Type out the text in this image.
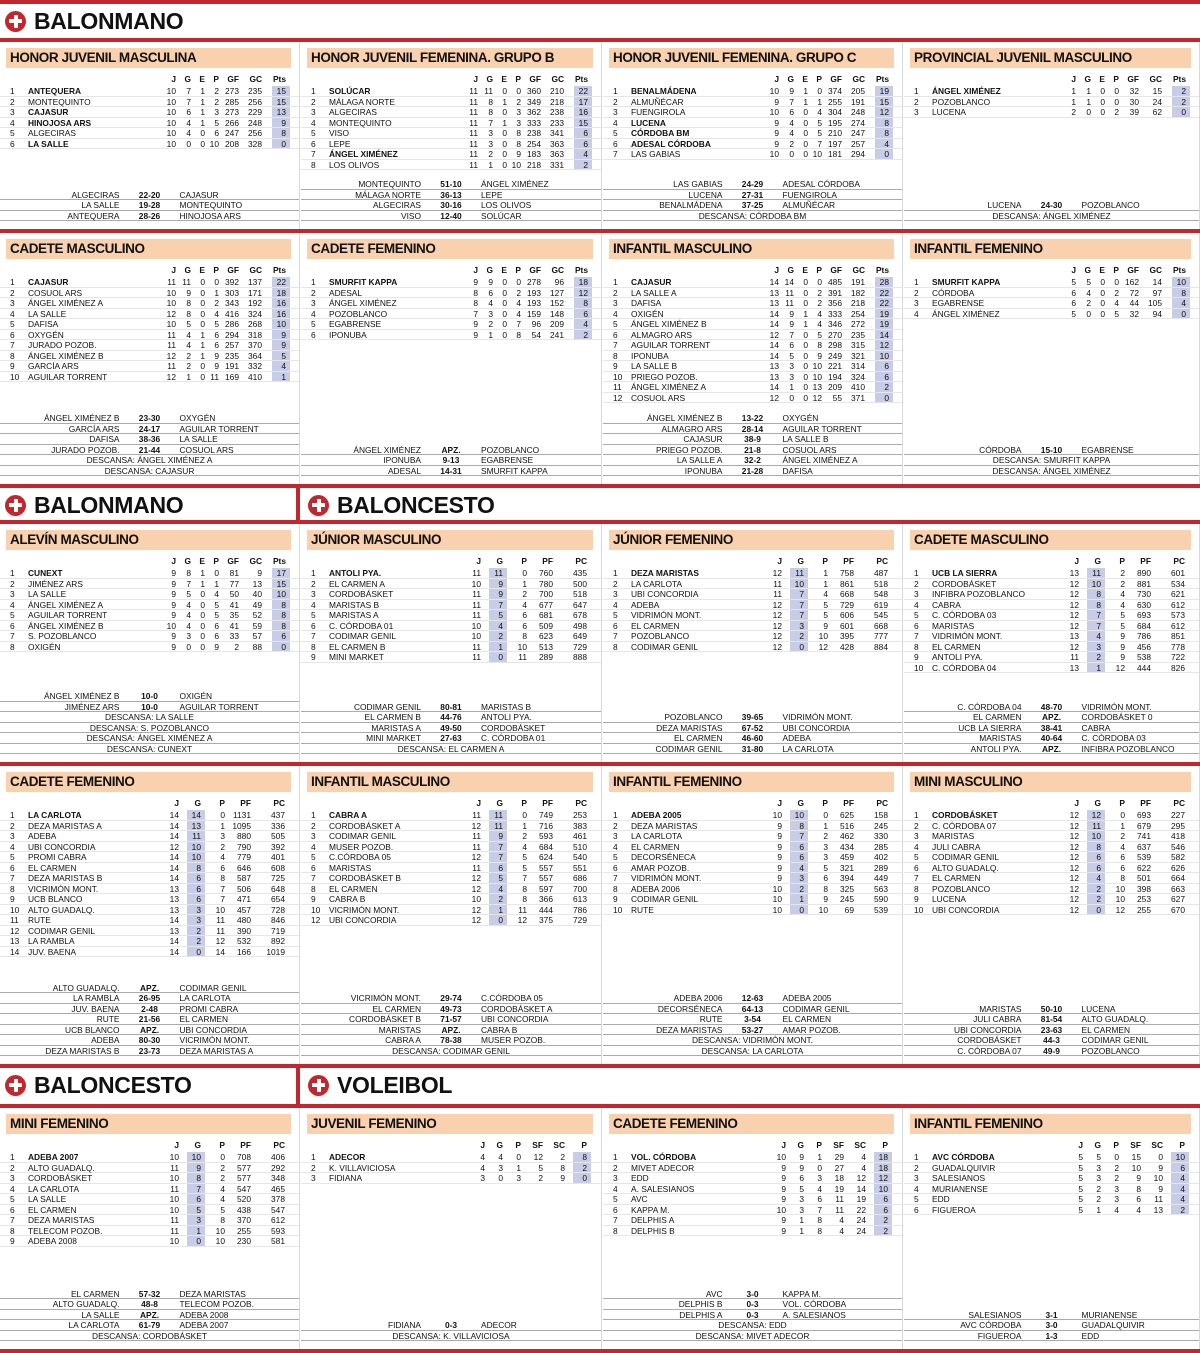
BALONMANO
BALONMANO	BALONCESTO
BALONCESTO	VOLEIBOL
HONOR JUVENIL MASCULINA
J G E P GF GC Pts
1 ANTEQUERA	10 7 1 2 273 235 15
2 MONTEQUINTO	10 7 1 2 285 256 15
3 CAJASUR	10 6 1 3 273 229 13
4 HINOJOSA ARS	10 4 1 5 266 248 9
5 ALGECIRAS	10 4 0 6 247 256 8
6 LA SALLE	10 0 0 10 208 328 0
ALGECIRAS	22-20	CAJASUR
LA SALLE	19-28	MONTEQUINTO
ANTEQUERA	28-26	HINOJOSA ARS
HONOR JUVENIL FEMENINA. GRUPO B
J G E P GF GC Pts
1 SOLÚCAR	11 11 0 0 360 210 22
2 MÁLAGA NORTE	11 8 1 2 349 218 17
3 ALGECIRAS	11 8 0 3 362 238 16
4 MONTEQUINTO	11 7 1 3 333 233 15
5 VISO	11 3 0 8 238 341 6
6 LEPE	11 3 0 8 254 363 6
7 ÁNGEL XIMÉNEZ	11 2 0 9 183 363 4
8 LOS OLIVOS	11 1 0 10 218 331 2
MONTEQUINTO	51-10	ÁNGEL XIMÉNEZ
MÁLAGA NORTE	36-13	LEPE
ALGECIRAS	30-16	LOS OLIVOS
VISO	12-40	SOLÚCAR
HONOR JUVENIL FEMENINA. GRUPO C
J G E P GF GC Pts
1 BENALMÁDENA	10 9 1 0 374 205 19
2 ALMUÑÉCAR	9 7 1 1 255 191 15
3 FUENGIROLA	10 6 0 4 304 248 12
4 LUCENA	9 4 0 5 195 274 8
5 CÓRDOBA BM	9 4 0 5 210 247 8
6 ADESAL CÓRDOBA	9 2 0 7 197 257 4
7 LAS GABIAS	10 0 0 10 181 294 0
LAS GABIAS	24-29	ADESAL CÓRDOBA
LUCENA	27-31	FUENGIROLA
BENALMÁDENA	37-25	ALMUÑÉCAR
DESCANSA: CÓRDOBA BM
PROVINCIAL JUVENIL MASCULINO
J G E P GF GC Pts
1 ÁNGEL XIMÉNEZ	1 1 0 0 32 15 2
2 POZOBLANCO	1 1 0 0 30 24 2
3 LUCENA	2 0 0 2 39 62 0
LUCENA	24-30	POZOBLANCO
DESCANSA: ÁNGEL XIMÉNEZ
CADETE MASCULINO
J G E P GF GC Pts
1 CAJASUR	11 11 0 0 392 137 22
2 COSUOL ARS	10 9 0 1 303 171 18
3 ÁNGEL XIMÉNEZ A	10 8 0 2 343 192 16
4 LA SALLE	12 8 0 4 416 324 16
5 DAFISA	10 5 0 5 286 268 10
6 OXYGÉN	11 4 1 6 294 318 9
7 JURADO POZOB.	11 4 1 6 257 370 9
8 ÁNGEL XIMÉNEZ B	12 2 1 9 235 364 5
9 GARCÍA ARS	11 2 0 9 191 332 4
10 AGUILAR TORRENT	12 1 0 11 169 410 1
ÁNGEL XIMÉNEZ B	23-30	OXYGÉN
GARCÍA ARS	24-17	AGUILAR TORRENT
DAFISA	38-36	LA SALLE
JURADO POZOB.	21-44	COSUOL ARS
DESCANSA: ÁNGEL XIMÉNEZ A
DESCANSA: CAJASUR
CADETE FEMENINO
J G E P GF GC Pts
1 SMURFIT KAPPA	9 9 0 0 278 96 18
2 ADESAL	8 6 0 2 193 127 12
3 ÁNGEL XIMÉNEZ	8 4 0 4 193 152 8
4 POZOBLANCO	7 3 0 4 159 148 6
5 EGABRENSE	9 2 0 7 96 209 4
6 IPONUBA	9 1 0 8 54 241 2
ÁNGEL XIMÉNEZ	APZ.	POZOBLANCO
IPONUBA	9-13	EGABRENSE
ADESAL	14-31	SMURFIT KAPPA
INFANTIL MASCULINO
J G E P GF GC Pts
1 CAJASUR	14 14 0 0 485 191 28
2 LA SALLE A	13 11 0 2 391 182 22
3 DAFISA	13 11 0 2 356 218 22
4 OXIGÉN	14 9 1 4 333 254 19
5 ÁNGEL XIMÉNEZ B	14 9 1 4 346 272 19
6 ALMAGRO ARS	12 7 0 5 270 235 14
7 AGUILAR TORRENT	14 6 0 8 298 315 12
8 IPONUBA	14 5 0 9 249 321 10
9 LA SALLE B	13 3 0 10 221 314 6
10 PRIEGO POZOB.	13 3 0 10 194 324 6
11 ÁNGEL XIMÉNEZ A	14 1 0 13 209 410 2
12 COSUOL ARS	12 0 0 12 55 371 0
ÁNGEL XIMÉNEZ B	13-22	OXYGÉN
ALMAGRO ARS	28-14	AGUILAR TORRENT
CAJASUR	38-9	LA SALLE B
PRIEGO POZOB.	21-8	COSUOL ARS
LA SALLE A	32-2	ÁNGEL XIMÉNEZ A
IPONUBA	21-28	DAFISA
INFANTIL FEMENINO
J G E P GF GC Pts
1 SMURFIT KAPPA	5 5 0 0 162 14 10
2 CÓRDOBA	6 4 0 2 72 97 8
3 EGABRENSE	6 2 0 4 44 105 4
4 ÁNGEL XIMÉNEZ	5 0 0 5 32 94 0
CÓRDOBA	15-10	EGABRENSE
DESCANSA: SMURFIT KAPPA
DESCANSA: ÁNGEL XIMÉNEZ
ALEVÍN MASCULINO
J G E P GF GC Pts
1 CUNEXT	9 8 1 0 81 9 17
2 JIMÉNEZ ARS	9 7 1 1 77 13 15
3 LA SALLE	9 5 0 4 50 40 10
4 ÁNGEL XIMÉNEZ A	9 4 0 5 41 49 8
5 AGUILAR TORRENT	9 4 0 5 35 52 8
6 ÁNGEL XIMÉNEZ B	10 4 0 6 41 59 8
7 S. POZOBLANCO	9 3 0 6 33 57 6
8 OXIGÉN	9 0 0 9 2 88 0
ÁNGEL XIMÉNEZ B	10-0	OXIGÉN
JIMÉNEZ ARS	10-0	AGUILAR TORRENT
DESCANSA: LA SALLE
DESCANSA: S. POZOBLANCO
DESCANSA: ÁNGEL XIMÉNEZ A
DESCANSA: CUNEXT
JÚNIOR MASCULINO
J G P PF	PC
1 ANTOLI PYA.	11 11 0 760 435
2 EL CARMEN A	10 9 1 780 500
3 CORDOBÁSKET	11 9 2 700 518
4 MARISTAS B	11 7 4 677 647
5 MARISTAS A	11 5 6 681 678
6 C. CÓRDOBA 01	10 4 6 509 498
7 CODIMAR GENIL	10 2 8 623 649
8 EL CARMEN B	11 1 10 513 729
9 MINI MARKET	11 0 11 289 888
CODIMAR GENIL	80-81	MARISTAS B
EL CARMEN B	44-76	ANTOLI PYA.
MARISTAS A	49-50	CORDOBÁSKET
MINI MARKET	27-63	C. CÓRDOBA 01
DESCANSA: EL CARMEN A
JÚNIOR FEMENINO
J G P PF	PC
1 DEZA MARISTAS	12 11 1 758 487
2 LA CARLOTA	11 10 1 861 518
3 UBI CONCORDIA	11 7 4 668 548
4 ADEBA	12 7 5 729 619
5 VIDRIMÓN MONT.	12 7 5 606 545
6 EL CARMEN	12 3 9 601 668
7 POZOBLANCO	12 2 10 395 777
8 CODIMAR GENIL	12 0 12 428 884
POZOBLANCO	39-65	VIDRIMÓN MONT.
DEZA MARISTAS	67-52	UBI CONCORDIA
EL CARMEN	46-60	ADEBA
CODIMAR GENIL	31-80	LA CARLOTA
CADETE MASCULINO
J G P PF	PC
1 UCB LA SIERRA	13 11 2 890 601
2 CORDOBÁSKET	12 10 2 881 534
3 INFIBRA POZOBLANCO	12 8 4 730 621
4 CABRA	12 8 4 630 612
5 C. CÓRDOBA 03	12 7 5 693 573
6 MARISTAS	12 7 5 684 612
7 VIDRIMÓN MONT.	13 4 9 786 851
8 EL CARMEN	12 3 9 456 778
9 ANTOLI PYA.	11 2 9 538 722
10 C. CÓRDOBA 04	13 1 12 444 826
C. CÓRDOBA 04	48-70	VIDRIMÓN MONT.
EL CARMEN	APZ.	CORDOBÁSKET 0
UCB LA SIERRA	38-41	CABRA
MARISTAS	40-64	C. CÓRDOBA 03
ANTOLI PYA.	APZ.	INFIBRA POZOBLANCO
CADETE FEMENINO
J G P PF	PC
1 LA CARLOTA	14 14 0 1131 437
2 DEZA MARISTAS A	14 13 1 1095 336
3 ADEBA	14 11 3 880 505
4 UBI CONCORDIA	12 10 2 790 392
5 PROMI CABRA	14 10 4 779 401
6 EL CARMEN	14 8 6 646 608
7 DEZA MARISTAS B	14 6 8 587 725
8 VICRIMÓN MONT.	13 6 7 506 648
9 UCB BLANCO	13 6 7 471 654
10 ALTO GUADALQ.	13 3 10 457 728
11 RUTE	14 3 11 480 846
12 CODIMAR GENIL	13 2 11 390 719
13 LA RAMBLA	14 2 12 532 892
14 JUV. BAENA	14 0 14 166 1019
ALTO GUADALQ.	APZ.	CODIMAR GENIL
LA RAMBLA	26-95	LA CARLOTA
JUV. BAENA	2-48	PROMI CABRA
RUTE	21-56	EL CARMEN
UCB BLANCO	APZ.	UBI CONCORDIA
ADEBA	80-30	VICRIMÓN MONT.
DEZA MARISTAS B	23-73	DEZA MARISTAS A
INFANTIL MASCULINO
J G P PF	PC
1 CABRA A	11 11 0 749 253
2 CORDOBÁSKET A	12 11 1 716 383
3 CODIMAR GENIL	11 9 2 593 461
4 MUSER POZOB.	11 7 4 684 510
5 C.CÓRDOBA 05	12 7 5 624 540
6 MARISTAS	11 6 5 557 551
7 CORDOBÁSKET B	12 5 7 557 686
8 EL CARMEN	12 4 8 597 700
9 CABRA B	10 2 8 366 613
10 VICRIMÓN MONT.	12 1 11 444 786
12 UBI CONCORDIA	12 0 12 375 729
VICRIMÓN MONT.	29-74	C.CÓRDOBA 05
EL CARMEN	49-73	CORDOBÁSKET A
CORDOBÁSKET B	71-57	UBI CONCORDIA
MARISTAS	APZ.	CABRA B
CABRA A	78-38	MUSER POZOB.
DESCANSA: CODIMAR GENIL
INFANTIL FEMENINO
J G P PF	PC
1 ADEBA 2005	10 10 0 625 158
2 DEZA MARISTAS	9 8 1 516 245
3 LA CARLOTA	9 7 2 462 330
4 EL CARMEN	9 6 3 434 285
5 DECORSÉNECA	9 6 3 459 402
6 AMAR POZOB.	9 4 5 321 289
7 VIDRIMÓN MONT.	9 3 6 394 449
8 ADEBA 2006	10 2 8 325 563
9 CODIMAR GENIL	10 1 9 245 590
10 RUTE	10 0 10 69 539
ADEBA 2006	12-63	ADEBA 2005
DECORSÉNECA	64-13	CODIMAR GENIL
RUTE	3-54	EL CARMEN
DEZA MARISTAS	53-27	AMAR POZOB.
DESCANSA: VIDRIMÓN MONT.
DESCANSA: LA CARLOTA
MINI MASCULINO
J G P PF	PC
1 CORDOBÁSKET	12 12 0 693 227
2 C. CÓRDOBA 07	12 11 1 679 295
3 MARISTAS	12 10 2 741 418
4 JULI CABRA	12 8 4 637 546
5 CODIMAR GENIL	12 6 6 539 582
6 ALTO GUADALQ.	12 6 6 622 626
7 EL CARMEN	12 4 8 501 664
8 POZOBLANCO	12 2 10 398 663
9 LUCENA	12 2 10 253 627
10 UBI CONCORDIA	12 0 12 255 670
MARISTAS	50-10	LUCENA
JULI CABRA	81-54	ALTO GUADALQ.
UBI CONCORDIA	23-63	EL CARMEN
CORDOBÁSKET	44-3	CODIMAR GENIL
C. CÓRDOBA 07	49-9	POZOBLANCO
MINI FEMENINO
J G P PF	PC
1 ADEBA 2007	10 10 0 708 406
2 ALTO GUADALQ.	11 9 2 577 292
3 CORDOBÁSKET	10 8 2 577 348
4 LA CARLOTA	11 7 4 547 465
5 LA SALLE	10 6 4 520 378
6 EL CARMEN	10 5 5 438 547
7 DEZA MARISTAS	11 3 8 370 612
8 TELECOM POZOB.	11 1 10 255 593
9 ADEBA 2008	10 0 10 230 581
EL CARMEN	57-32	DEZA MARISTAS
ALTO GUADALQ.	48-8	TELECOM POZOB.
LA SALLE	APZ.	ADEBA 2008
LA CARLOTA	61-79	ADEBA 2007
DESCANSA: CORDOBÁSKET
JUVENIL FEMENINO
J G P SF SC P
1 ADECOR	4 4 0 12 2 8
2 K. VILLAVICIOSA	4 3 1 5 8 2
3 FIDIANA	3 0 3 2 9 0
FIDIANA	0-3	ADECOR
DESCANSA: K. VILLAVICIOSA
CADETE FEMENINO
J G P SF SC P
1 VOL. CÓRDOBA	10 9 1 29 4 18
2 MIVET ADECOR	9 9 0 27 4 18
3 EDD	9 6 3 18 12 12
4 A. SALESIANOS	9 5 4 19 14 10
5 AVC	9 3 6 11 19 6
6 KAPPA M.	10 3 7 11 22 6
7 DELPHIS A	9 1 8 4 24 2
8 DELPHIS B	9 1 8 4 24 2
AVC	3-0	KAPPA M.
DELPHIS B	0-3	VOL. CÓRDOBA
DELPHIS A	0-3	A. SALESIANOS
DESCANSA: EDD
DESCANSA: MIVET ADECOR
INFANTIL FEMENINO
J G P SF SC P
1 AVC CÓRDOBA	5 5 0 15 0 10
2 GUADALQUIVIR	5 3 2 10 9 6
3 SALESIANOS	5 3 2 9 10 4
4 MURIANENSE	5 2 3 8 9 4
5 EDD	5 2 3 6 11 4
6 FIGUEROA	5 1 4 4 13 2
SALESIANOS	3-1	MURIANENSE
AVC CÓRDOBA	3-0	GUADALQUIVIR
FIGUEROA	1-3	EDD
